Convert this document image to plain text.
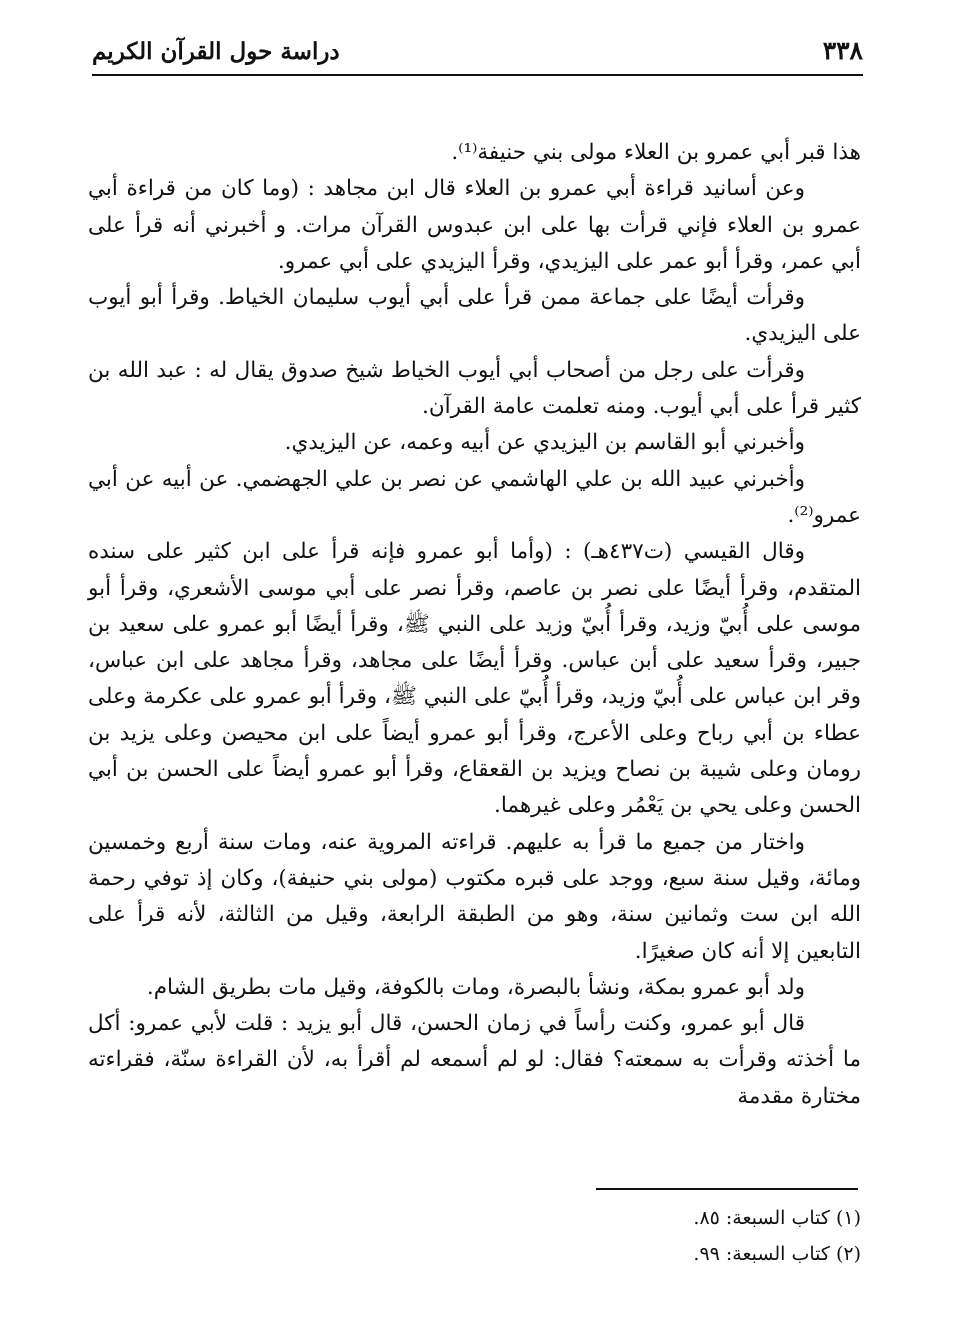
٣٣٨
دراسة حول القرآن الكريم

هذا قبر أبي عمرو بن العلاء مولى بني حنيفة⁽¹⁾.

وعن أسانيد قراءة أبي عمرو بن العلاء قال ابن مجاهد : (وما كان من قراءة أبي عمرو بن العلاء فإني قرأت بها على ابن عبدوس القرآن مرات. و أخبرني أنه قرأ على أبي عمر، وقرأ أبو عمر على اليزيدي، وقرأ اليزيدي على أبي عمرو.

وقرأت أيضًا على جماعة ممن قرأ على أبي أيوب سليمان الخياط. وقرأ أبو أيوب على اليزيدي.

وقرأت على رجل من أصحاب أبي أيوب الخياط شيخ صدوق يقال له : عبد الله بن كثير قرأ على أبي أيوب. ومنه تعلمت عامة القرآن.

وأخبرني أبو القاسم بن اليزيدي عن أبيه وعمه، عن اليزيدي.

وأخبرني عبيد الله بن علي الهاشمي عن نصر بن علي الجهضمي. عن أبيه عن أبي عمرو⁽²⁾.

وقال القيسي (ت٤٣٧هـ) : (وأما أبو عمرو فإنه قرأ على ابن كثير على سنده المتقدم، وقرأ أيضًا على نصر بن عاصم، وقرأ نصر على أبي موسى الأشعري، وقرأ أبو موسى على أُبيّ وزيد، وقرأ أُبيّ وزيد على النبي ﷺ، وقرأ أيضًا أبو عمرو على سعيد بن جبير، وقرأ سعيد على أبن عباس. وقرأ أيضًا على مجاهد، وقرأ مجاهد على ابن عباس، وقر ابن عباس على أُبيّ وزيد، وقرأ أُبيّ على النبي ﷺ، وقرأ أبو عمرو على عكرمة وعلى عطاء بن أبي رباح وعلى الأعرج، وقرأ أبو عمرو أيضاً على ابن محيصن وعلى يزيد بن رومان وعلى شيبة بن نصاح ويزيد بن القعقاع، وقرأ أبو عمرو أيضاً على الحسن بن أبي الحسن وعلى يحي بن يَعْمُر وعلى غيرهما.

واختار من جميع ما قرأ به عليهم. قراءته المروية عنه، ومات سنة أربع وخمسين ومائة، وقيل سنة سبع، ووجد على قبره مكتوب (مولى بني حنيفة)، وكان إذ توفي رحمة الله ابن ست وثمانين سنة، وهو من الطبقة الرابعة، وقيل من الثالثة، لأنه قرأ على التابعين إلا أنه كان صغيرًا.

ولد أبو عمرو بمكة، ونشأ بالبصرة، ومات بالكوفة، وقيل مات بطريق الشام.

قال أبو عمرو، وكنت رأساً في زمان الحسن، قال أبو يزيد : قلت لأبي عمرو: أكل ما أخذته وقرأت به سمعته؟ فقال: لو لم أسمعه لم أقرأ به، لأن القراءة سنّة، فقراءته مختارة مقدمة

(١) كتاب السبعة: ٨٥.
(٢) كتاب السبعة: ٩٩.
